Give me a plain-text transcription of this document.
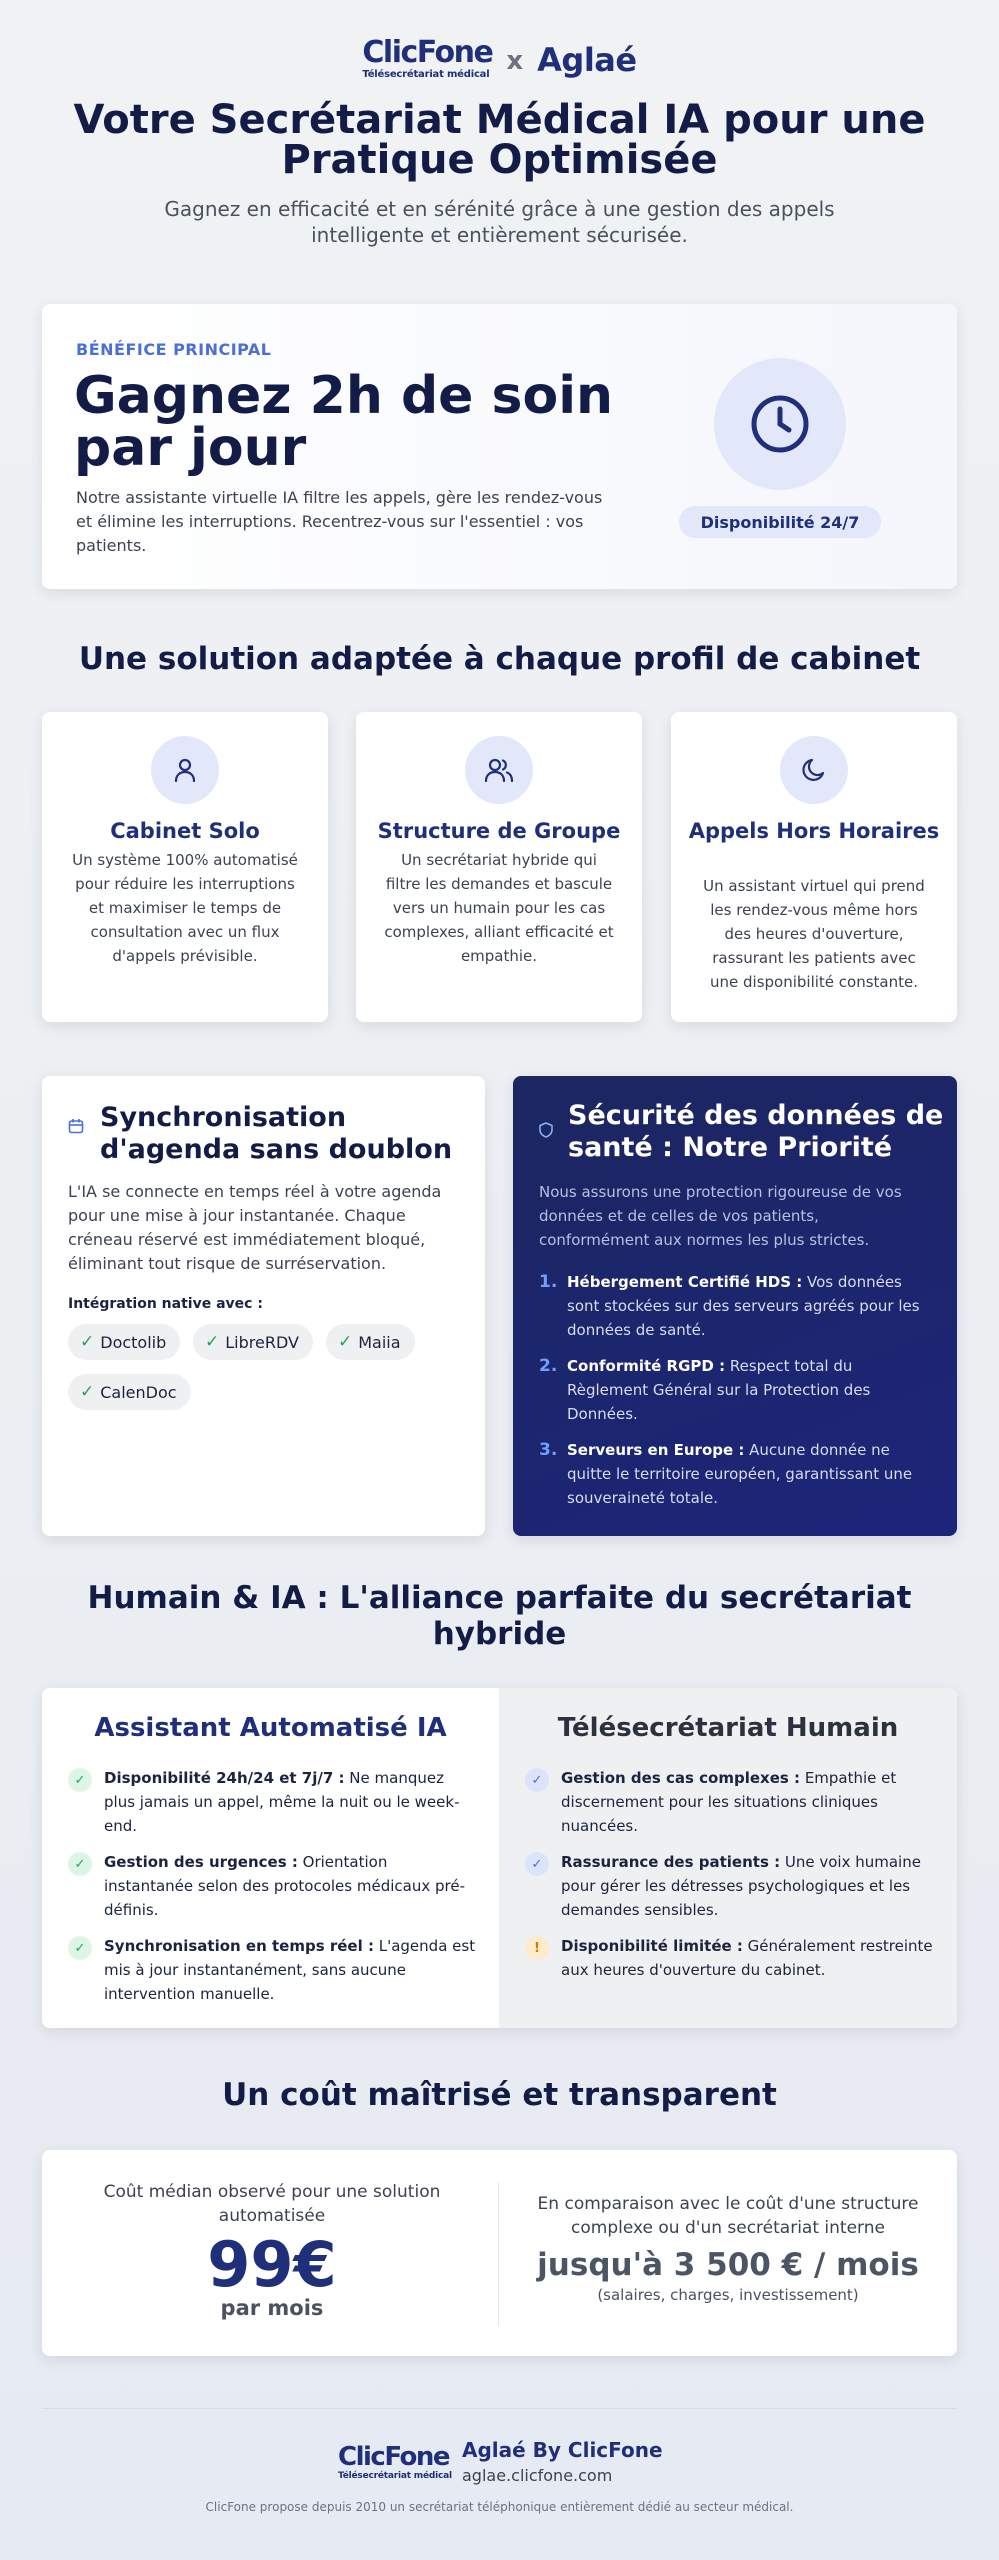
ClicFone
Télésecrétariat médical x Aglaé
Votre Secrétariat Médical IA pour une Pratique Optimisée

Gagnez en efficacité et en sérénité grâce à une gestion des appels intelligente et entièrement sécurisée.

BÉNÉFICE PRINCIPAL
Gagnez 2h de soin par jour
Notre assistante virtuelle IA filtre les appels, gère les rendez-vous et élimine les interruptions. Recentrez-vous sur l'essentiel : vos patients.
Disponibilité 24/7
Une solution adaptée à chaque profil de cabinet
Cabinet Solo
Un système 100% automatisé pour réduire les interruptions et maximiser le temps de consultation avec un flux d'appels prévisible.
Structure de Groupe
Un secrétariat hybride qui filtre les demandes et bascule vers un humain pour les cas complexes, alliant efficacité et empathie.
Appels Hors Horaires
Un assistant virtuel qui prend les rendez-vous même hors des heures d'ouverture, rassurant les patients avec une disponibilité constante.
Synchronisation d'agenda sans doublon
L'IA se connecte en temps réel à votre agenda pour une mise à jour instantanée. Chaque créneau réservé est immédiatement bloqué, éliminant tout risque de surréservation.
Intégration native avec :
✓ Doctolib ✓ LibreRDV ✓ Maiia
✓ CalenDoc
Sécurité des données de santé : Notre Priorité
Nous assurons une protection rigoureuse de vos données et de celles de vos patients, conformément aux normes les plus strictes.
1. Hébergement Certifié HDS : Vos données sont stockées sur des serveurs agréés pour les données de santé.
2. Conformité RGPD : Respect total du Règlement Général sur la Protection des Données.
3. Serveurs en Europe : Aucune donnée ne quitte le territoire européen, garantissant une souveraineté totale.
Humain & IA : L'alliance parfaite du secrétariat hybride
Assistant Automatisé IA
✓	Disponibilité 24h/24 et 7j/7 : Ne manquez plus jamais un appel, même la nuit ou le week-end.
✓	Gestion des urgences : Orientation instantanée selon des protocoles médicaux pré-définis.
✓	Synchronisation en temps réel : L'agenda est mis à jour instantanément, sans aucune intervention manuelle.
Télésecrétariat Humain
✓	Gestion des cas complexes : Empathie et discernement pour les situations cliniques nuancées.
✓	Rassurance des patients : Une voix humaine pour gérer les détresses psychologiques et les demandes sensibles.
!	Disponibilité limitée : Généralement restreinte aux heures d'ouverture du cabinet.
Un coût maîtrisé et transparent
Coût médian observé pour une solution automatisée
99€
par mois
En comparaison avec le coût d'une structure complexe ou d'un secrétariat interne
jusqu'à 3 500 € / mois
(salaires, charges, investissement)
ClicFone
Télésecrétariat médical
Aglaé By ClicFone
aglae.clicfone.com
ClicFone propose depuis 2010 un secrétariat téléphonique entièrement dédié au secteur médical.
